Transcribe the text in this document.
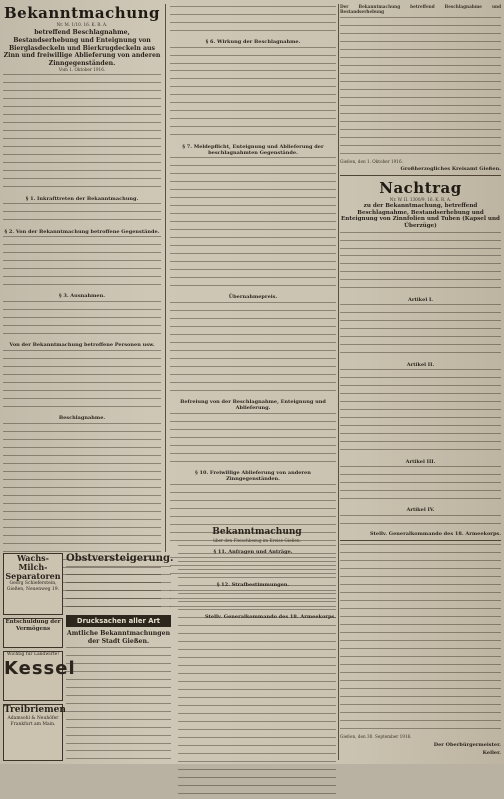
Bekanntmachung
Nr. M. 1/10. 16. K. R. A.
betreffend Beschlagnahme, Bestandserhebung und Enteignung von Bierglasdeckeln und Bierkrugdeckeln aus Zinn und freiwillige Ablieferung von anderen Zinngegenständen.
Vom 1. Oktober 1916.
§ 1. Inkrafttreten der Bekanntmachung.
§ 2. Von der Bekanntmachung betroffene Gegenstände.
§ 3. Ausnahmen.
Von der Bekanntmachung betroffene Personen usw.
Beschlagnahme.
§ 6. Wirkung der Beschlagnahme.
§ 7. Meldepflicht, Enteignung und Ablieferung der beschlagnahmten Gegenstände.
Übernahmepreis.
Befreiung von der Beschlagnahme, Enteignung und Ablieferung.
§ 10. Freiwillige Ablieferung von anderen Zinngegenständen.
§ 11. Anfragen und Anträge.
§ 12. Strafbestimmungen.
Stellv. Generalkommando des 18. Armeekorps.
Der Bekanntmachung betreffend Beschlagnahme und Bestandserhebung
Gießen, den 1. Oktober 1916.
Großherzogliches Kreisamt Gießen.
Nachtrag
Nr. W. II. 1300/9. 16. K. R. A.
zu der Bekanntmachung, betreffend Beschlagnahme, Bestandserhebung und Enteignung von Zinnfolien und Tuben (Kapsel und Überzüge)
Artikel I.
Artikel II.
Artikel III.
Artikel IV.
Stellv. Generalkommando des 18. Armeekorps.
Gießen, den 30. September 1916.
Der Oberbürgermeister.
Keller.
Wachs-Milch-Separatoren
Georg Schieferstein, Gießen, Neuenweg 19.
Entschuldung der Vermögens
Wichtig für Landwirte!
Kessel
Treibriemen
Adamsohl & Neuhöfer Frankfurt am Main.
Obstversteigerung.
Drucksachen aller Art
Amtliche Bekanntmachungen der Stadt Gießen.
Bekanntmachung
über den Fleischbezug im Kreise Gießen.
